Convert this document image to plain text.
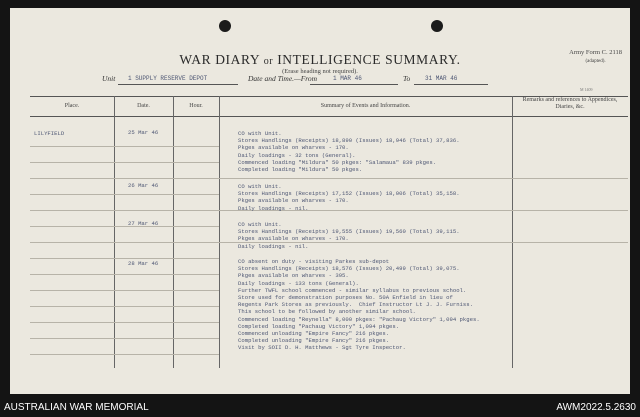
WAR DIARY or INTELLIGENCE SUMMARY.
(Erase heading not required).
Army Form C. 2118
(adapted).
Unit 1 SUPPLY RESERVE DEPOT	Date and Time.—From	1 MAR 46	To 31 MAR 46
M 1409
Place.	Date.	Hour.	Summary of Events and Information.
Remarks and references to Appendices, Diaries, &c.
LILYFIELD	25 Mar 46	CO with Unit.
Stores Handlings (Receipts) 18,890 (Issues) 18,946 (Total) 37,836.
Pkges available on wharves - 170.
Daily loadings - 32 tons (General).
Commenced loading "Mildura" 50 pkges: "Salamaua" 839 pkges.
Completed loading "Mildura" 50 pkges.
26 Mar 46	CO with Unit.
Stores Handlings (Receipts) 17,152 (Issues) 18,006 (Total) 35,158.
Pkges available on wharves - 170.
Daily loadings - nil.
27 Mar 46	CO with Unit.
Stores Handlings (Receipts) 19,555 (Issues) 19,560 (Total) 39,115.
Pkges available on wharves - 170.
Daily loadings - nil.
28 Mar 46	CO absent on duty - visiting Parkes sub-depot
Stores Handlings (Receipts) 18,576 (Issues) 20,499 (Total) 39,075.
Pkges available on wharves - 395.
Daily loadings - 133 tons (General).
Further TWFL school commenced - similar syllabus to previous school.
Store used for demonstration purposes No. 50A Enfield in lieu of
Regents Park Stores as previously.  Chief Instructor Lt J. J. Furniss.
This school to be followed by another similar school.
Commenced loading "Reynella" 8,000 pkges: "Pachaug Victory" 1,094 pkges.
Completed loading "Pachaug Victory" 1,094 pkges.
Commenced unloading "Empire Fancy" 216 pkges.
Completed unloading "Empire Fancy" 216 pkges.
Visit by SOII D. H. Matthews - Sgt Tyre Inspector.
AUSTRALIAN WAR MEMORIAL	AWM2022.5.2630
